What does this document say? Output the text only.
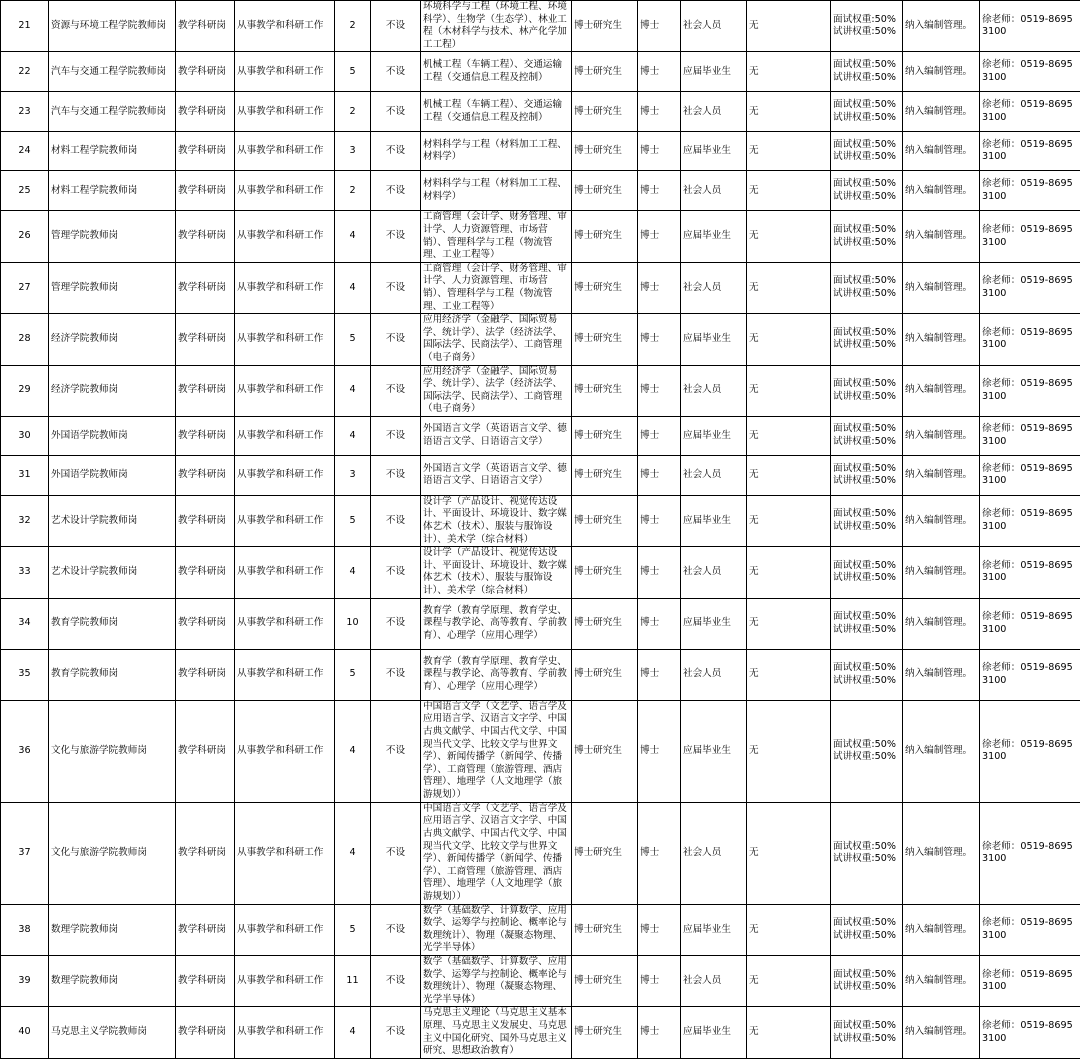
21	资源与环境工程学院教师岗	教学科研岗	从事教学和科研工作	2	不设	环境科学与工程（环境工程、环境科学）、生物学（生态学）、林业工程（木材科学与技术、林产化学加工工程）	博士研究生	博士	社会人员	无	面试权重:50%
试讲权重:50%	纳入编制管理。	徐老师：0519-86953100
22	汽车与交通工程学院教师岗	教学科研岗	从事教学和科研工作	5	不设	机械工程（车辆工程）、交通运输工程（交通信息工程及控制）	博士研究生	博士	应届毕业生	无	面试权重:50%
试讲权重:50%	纳入编制管理。	徐老师：0519-86953100
23	汽车与交通工程学院教师岗	教学科研岗	从事教学和科研工作	2	不设	机械工程（车辆工程）、交通运输工程（交通信息工程及控制）	博士研究生	博士	社会人员	无	面试权重:50%
试讲权重:50%	纳入编制管理。	徐老师：0519-86953100
24	材料工程学院教师岗	教学科研岗	从事教学和科研工作	3	不设	材料科学与工程（材料加工工程、材料学）	博士研究生	博士	应届毕业生	无	面试权重:50%
试讲权重:50%	纳入编制管理。	徐老师：0519-86953100
25	材料工程学院教师岗	教学科研岗	从事教学和科研工作	2	不设	材料科学与工程（材料加工工程、材料学）	博士研究生	博士	社会人员	无	面试权重:50%
试讲权重:50%	纳入编制管理。	徐老师：0519-86953100
26	管理学院教师岗	教学科研岗	从事教学和科研工作	4	不设	工商管理（会计学、财务管理、审计学、人力资源管理、市场营销）、管理科学与工程（物流管理、工业工程等）	博士研究生	博士	应届毕业生	无	面试权重:50%
试讲权重:50%	纳入编制管理。	徐老师：0519-86953100
27	管理学院教师岗	教学科研岗	从事教学和科研工作	4	不设	工商管理（会计学、财务管理、审计学、人力资源管理、市场营销）、管理科学与工程（物流管理、工业工程等）	博士研究生	博士	社会人员	无	面试权重:50%
试讲权重:50%	纳入编制管理。	徐老师：0519-86953100
28	经济学院教师岗	教学科研岗	从事教学和科研工作	5	不设	应用经济学（金融学、国际贸易学、统计学）、法学（经济法学、国际法学、民商法学）、工商管理（电子商务）	博士研究生	博士	应届毕业生	无	面试权重:50%
试讲权重:50%	纳入编制管理。	徐老师：0519-86953100
29	经济学院教师岗	教学科研岗	从事教学和科研工作	4	不设	应用经济学（金融学、国际贸易学、统计学）、法学（经济法学、国际法学、民商法学）、工商管理（电子商务）	博士研究生	博士	社会人员	无	面试权重:50%
试讲权重:50%	纳入编制管理。	徐老师：0519-86953100
30	外国语学院教师岗	教学科研岗	从事教学和科研工作	4	不设	外国语言文学（英语语言文学、德语语言文学、日语语言文学）	博士研究生	博士	应届毕业生	无	面试权重:50%
试讲权重:50%	纳入编制管理。	徐老师：0519-86953100
31	外国语学院教师岗	教学科研岗	从事教学和科研工作	3	不设	外国语言文学（英语语言文学、德语语言文学、日语语言文学）	博士研究生	博士	社会人员	无	面试权重:50%
试讲权重:50%	纳入编制管理。	徐老师：0519-86953100
32	艺术设计学院教师岗	教学科研岗	从事教学和科研工作	5	不设	设计学（产品设计、视觉传达设计、平面设计、环境设计、数字媒体艺术（技术）、服装与服饰设计）、美术学（综合材料）	博士研究生	博士	应届毕业生	无	面试权重:50%
试讲权重:50%	纳入编制管理。	徐老师：0519-86953100
33	艺术设计学院教师岗	教学科研岗	从事教学和科研工作	4	不设	设计学（产品设计、视觉传达设计、平面设计、环境设计、数字媒体艺术（技术）、服装与服饰设计）、美术学（综合材料）	博士研究生	博士	社会人员	无	面试权重:50%
试讲权重:50%	纳入编制管理。	徐老师：0519-86953100
34	教育学院教师岗	教学科研岗	从事教学和科研工作	10	不设	教育学（教育学原理、教育学史、课程与教学论、高等教育、学前教育）、心理学（应用心理学）	博士研究生	博士	应届毕业生	无	面试权重:50%
试讲权重:50%	纳入编制管理。	徐老师：0519-86953100
35	教育学院教师岗	教学科研岗	从事教学和科研工作	5	不设	教育学（教育学原理、教育学史、课程与教学论、高等教育、学前教育）、心理学（应用心理学）	博士研究生	博士	社会人员	无	面试权重:50%
试讲权重:50%	纳入编制管理。	徐老师：0519-86953100
36	文化与旅游学院教师岗	教学科研岗	从事教学和科研工作	4	不设	中国语言文学（文艺学、语言学及应用语言学、汉语言文字学、中国古典文献学、中国古代文学、中国现当代文学、比较文学与世界文学）、新闻传播学（新闻学、传播学）、工商管理（旅游管理、酒店管理）、地理学（人文地理学（旅游规划））	博士研究生	博士	应届毕业生	无	面试权重:50%
试讲权重:50%	纳入编制管理。	徐老师：0519-86953100
37	文化与旅游学院教师岗	教学科研岗	从事教学和科研工作	4	不设	中国语言文学（文艺学、语言学及应用语言学、汉语言文字学、中国古典文献学、中国古代文学、中国现当代文学、比较文学与世界文学）、新闻传播学（新闻学、传播学）、工商管理（旅游管理、酒店管理）、地理学（人文地理学（旅游规划））	博士研究生	博士	社会人员	无	面试权重:50%
试讲权重:50%	纳入编制管理。	徐老师：0519-86953100
38	数理学院教师岗	教学科研岗	从事教学和科研工作	5	不设	数学（基础数学、计算数学、应用数学、运筹学与控制论、概率论与数理统计）、物理（凝聚态物理、光学半导体）	博士研究生	博士	应届毕业生	无	面试权重:50%
试讲权重:50%	纳入编制管理。	徐老师：0519-86953100
39	数理学院教师岗	教学科研岗	从事教学和科研工作	11	不设	数学（基础数学、计算数学、应用数学、运筹学与控制论、概率论与数理统计）、物理（凝聚态物理、光学半导体）	博士研究生	博士	社会人员	无	面试权重:50%
试讲权重:50%	纳入编制管理。	徐老师：0519-86953100
40	马克思主义学院教师岗	教学科研岗	从事教学和科研工作	4	不设	马克思主义理论（马克思主义基本原理、马克思主义发展史、马克思主义中国化研究、国外马克思主义研究、思想政治教育）	博士研究生	博士	应届毕业生	无	面试权重:50%
试讲权重:50%	纳入编制管理。	徐老师：0519-86953100
